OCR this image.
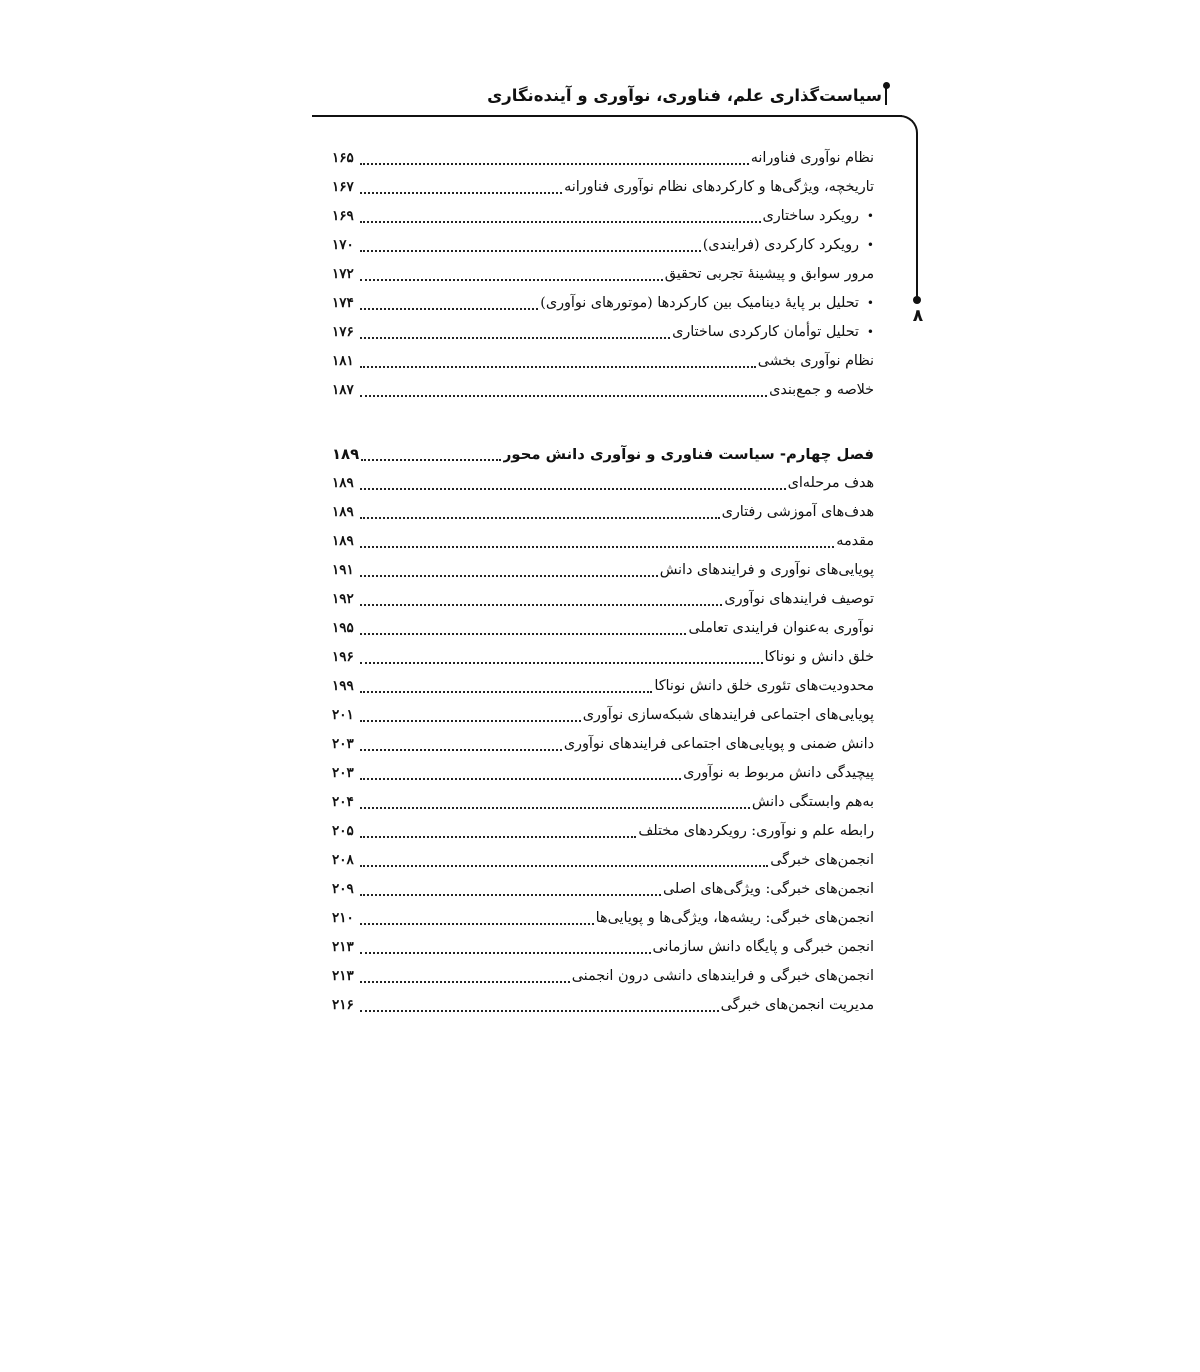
سیاست‌گذاری علم، فناوری، نوآوری و آینده‌نگاری
۸
نظام نوآوری فناورانه
۱۶۵
تاریخچه، ویژگی‌ها و کارکردهای نظام نوآوری فناورانه
۱۶۷
•رویکرد ساختاری
۱۶۹
•رویکرد کارکردی (فرایندی)
۱۷۰
مرور سوابق و پیشینهٔ تجربی تحقیق
۱۷۲
•تحلیل بر پایهٔ دینامیک بین کارکردها (موتورهای نوآوری)
۱۷۴
•تحلیل توأمان کارکردی ساختاری
۱۷۶
نظام نوآوری بخشی
۱۸۱
خلاصه و جمع‌بندی
۱۸۷
فصل چهارم- سیاست فناوری و نوآوری دانش محور
۱۸۹
هدف مرحله‌ای
۱۸۹
هدف‌های آموزشی رفتاری
۱۸۹
مقدمه
۱۸۹
پویایی‌های نوآوری و فرایندهای دانش
۱۹۱
توصیف فرایندهای نوآوری
۱۹۲
نوآوری به‌عنوان فرایندی تعاملی
۱۹۵
خلق دانش و نوناکا
۱۹۶
محدودیت‌های تئوری خلق دانش نوناکا
۱۹۹
پویایی‌های اجتماعی فرایندهای شبکه‌سازی نوآوری
۲۰۱
دانش ضمنی و پویایی‌های اجتماعی فرایندهای نوآوری
۲۰۳
پیچیدگی دانش مربوط به نوآوری
۲۰۳
به‌هم وابستگی دانش
۲۰۴
رابطه علم و نوآوری: رویکردهای مختلف
۲۰۵
انجمن‌های خبرگی
۲۰۸
انجمن‌های خبرگی: ویژگی‌های اصلی
۲۰۹
انجمن‌های خبرگی: ریشه‌ها، ویژگی‌ها و پویایی‌ها
۲۱۰
انجمن خبرگی و پایگاه دانش سازمانی
۲۱۳
انجمن‌های خبرگی و فرایندهای دانشی درون انجمنی
۲۱۳
مدیریت انجمن‌های خبرگی
۲۱۶
